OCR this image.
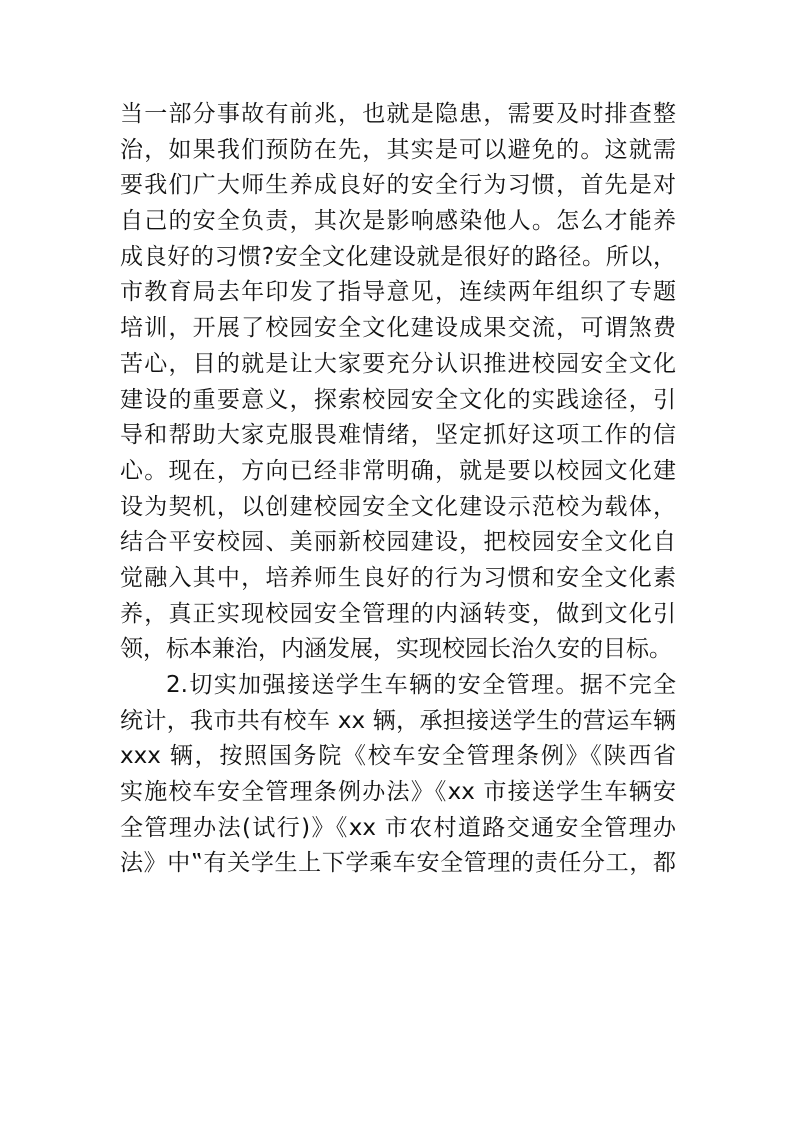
当一部分事故有前兆，也就是隐患，需要及时排查整
治，如果我们预防在先，其实是可以避免的。这就需
要我们广大师生养成良好的安全行为习惯，首先是对
自己的安全负责，其次是影响感染他人。怎么才能养
成良好的习惯?安全文化建设就是很好的路径。所以，
市教育局去年印发了指导意见，连续两年组织了专题
培训，开展了校园安全文化建设成果交流，可谓煞费
苦心，目的就是让大家要充分认识推进校园安全文化
建设的重要意义，探索校园安全文化的实践途径，引
导和帮助大家克服畏难情绪，坚定抓好这项工作的信
心。现在，方向已经非常明确，就是要以校园文化建
设为契机，以创建校园安全文化建设示范校为载体，
结合平安校园、美丽新校园建设，把校园安全文化自
觉融入其中，培养师生良好的行为习惯和安全文化素
养，真正实现校园安全管理的内涵转变，做到文化引
领，标本兼治，内涵发展，实现校园长治久安的目标。
2.切实加强接送学生车辆的安全管理。据不完全
统计，我市共有校车 xx 辆，承担接送学生的营运车辆
xxx 辆，按照国务院《校车安全管理条例》《陕西省
实施校车安全管理条例办法》《xx 市接送学生车辆安
全管理办法(试行)》《xx 市农村道路交通安全管理办
法》中‟有关学生上下学乘车安全管理的责任分工，都
